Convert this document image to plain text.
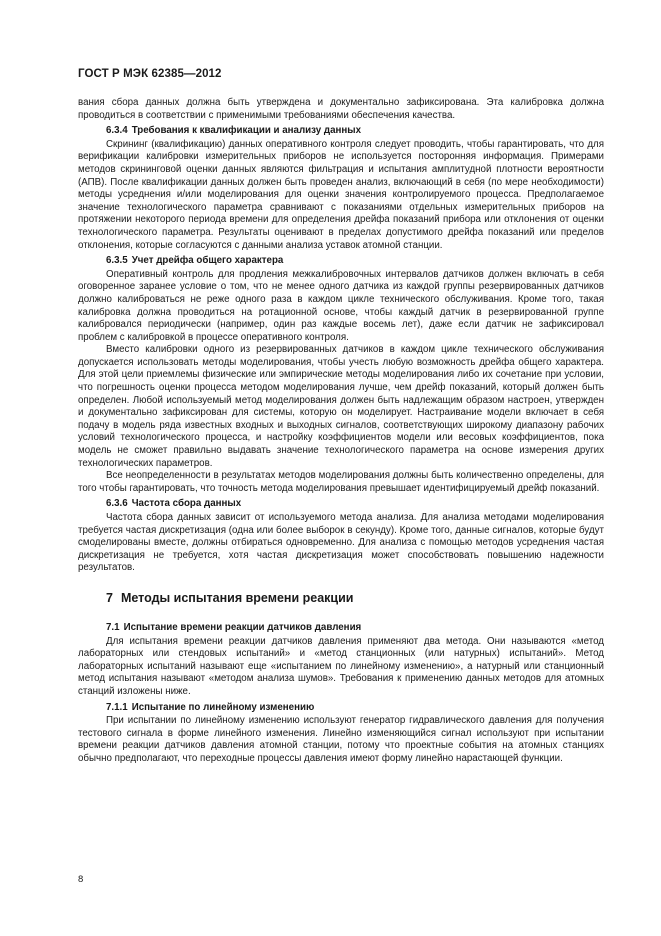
ГОСТ Р МЭК 62385—2012

вания сбора данных должна быть утверждена и документально зафиксирована. Эта калибровка должна проводиться в соответствии с применимыми требованиями обеспечения качества.

6.3.4 Требования к квалификации и анализу данных

Скрининг (квалификацию) данных оперативного контроля следует проводить, чтобы гарантировать, что для верификации калибровки измерительных приборов не используется посторонняя информация. Примерами методов скрининговой оценки данных являются фильтрация и испытания амплитудной плотности вероятности (АПВ). После квалификации данных должен быть проведен анализ, включающий в себя (по мере необходимости) методы усреднения и/или моделирования для оценки значения контролируемого процесса. Предполагаемое значение технологического параметра сравнивают с показаниями отдельных измерительных приборов на протяжении некоторого периода времени для определения дрейфа показаний прибора или отклонения от оценки технологического параметра. Результаты оценивают в пределах допустимого дрейфа показаний или пределов отклонения, которые согласуются с данными анализа уставок атомной станции.

6.3.5 Учет дрейфа общего характера

Оперативный контроль для продления межкалибровочных интервалов датчиков должен включать в себя оговоренное заранее условие о том, что не менее одного датчика из каждой группы резервированных датчиков должно калиброваться не реже одного раза в каждом цикле технического обслуживания. Кроме того, такая калибровка должна проводиться на ротационной основе, чтобы каждый датчик в резервированной группе калибровался периодически (например, один раз каждые восемь лет), даже если датчик не зафиксировал проблем с калибровкой в процессе оперативного контроля.

Вместо калибровки одного из резервированных датчиков в каждом цикле технического обслуживания допускается использовать методы моделирования, чтобы учесть любую возможность дрейфа общего характера. Для этой цели приемлемы физические или эмпирические методы моделирования либо их сочетание при условии, что погрешность оценки процесса методом моделирования лучше, чем дрейф показаний, который должен быть определен. Любой используемый метод моделирования должен быть надлежащим образом настроен, утвержден и документально зафиксирован для системы, которую он моделирует. Настраивание модели включает в себя подачу в модель ряда известных входных и выходных сигналов, соответствующих широкому диапазону рабочих условий технологического процесса, и настройку коэффициентов модели или весовых коэффициентов, пока модель не сможет правильно выдавать значение технологического параметра на основе измерения других технологических параметров.

Все неопределенности в результатах методов моделирования должны быть количественно определены, для того чтобы гарантировать, что точность метода моделирования превышает идентифицируемый дрейф показаний.

6.3.6 Частота сбора данных

Частота сбора данных зависит от используемого метода анализа. Для анализа методами моделирования требуется частая дискретизация (одна или более выборок в секунду). Кроме того, данные сигналов, которые будут смоделированы вместе, должны отбираться одновременно. Для анализа с помощью методов усреднения частая дискретизация не требуется, хотя частая дискретизация может способствовать повышению надежности результатов.

7 Методы испытания времени реакции
7.1 Испытание времени реакции датчиков давления

Для испытания времени реакции датчиков давления применяют два метода. Они называются «метод лабораторных или стендовых испытаний» и «метод станционных (или натурных) испытаний». Метод лабораторных испытаний называют еще «испытанием по линейному изменению», а натурный или станционный метод испытания называют «методом анализа шумов». Требования к применению данных методов для атомных станций изложены ниже.

7.1.1 Испытание по линейному изменению

При испытании по линейному изменению используют генератор гидравлического давления для получения тестового сигнала в форме линейного изменения. Линейно изменяющийся сигнал используют при испытании времени реакции датчиков давления атомной станции, потому что проектные события на атомных станциях обычно предполагают, что переходные процессы давления имеют форму линейно нарастающей функции.

8
